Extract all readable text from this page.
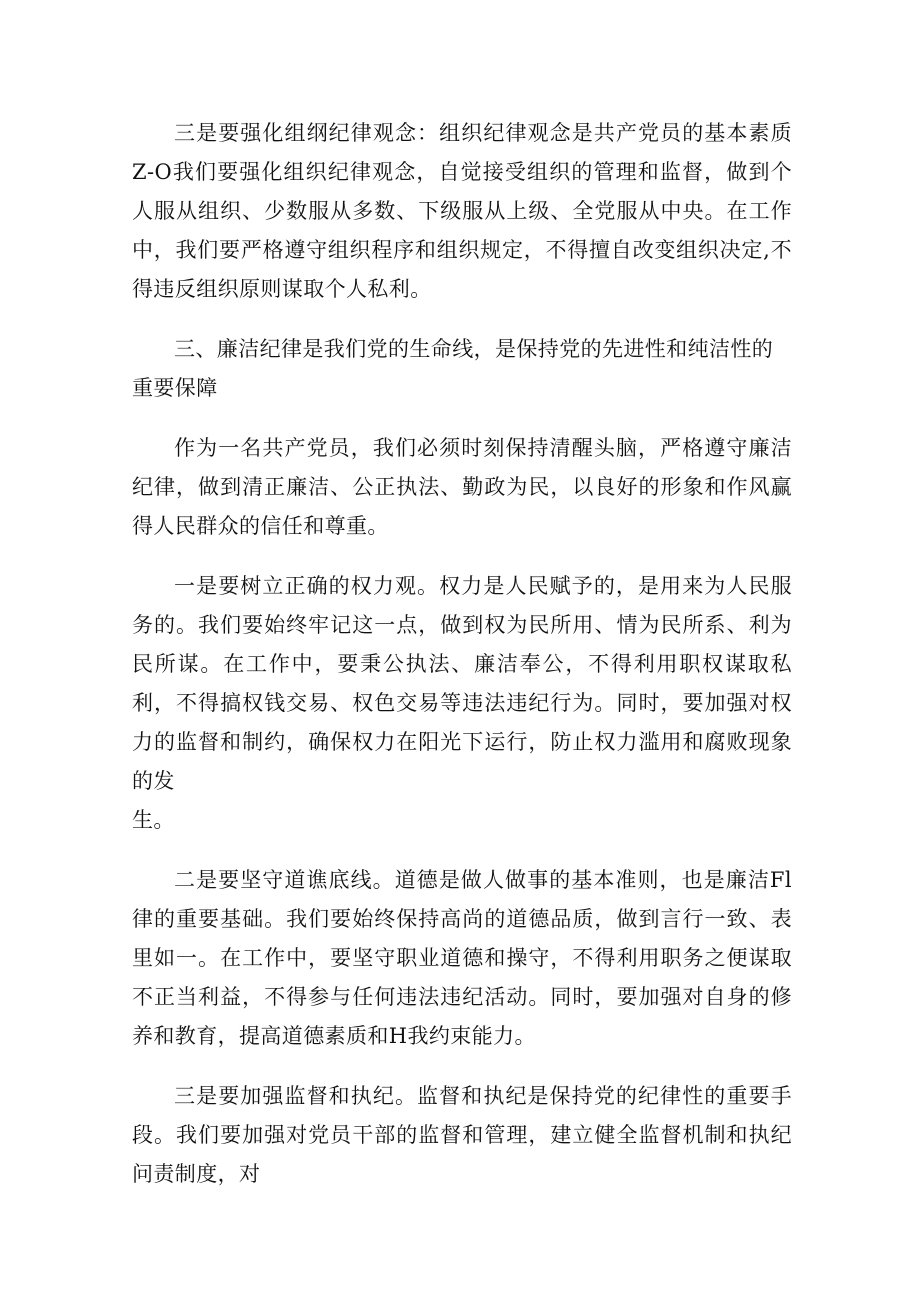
三是要强化组纲纪律观念：组织纪律观念是共产党员的基本素质Z-O我们要强化组织纪律观念，自觉接受组织的管理和监督，做到个人服从组织、少数服从多数、下级服从上级、全党服从中央。在工作中，我们要严格遵守组织程序和组织规定，不得擅自改变组织决定,不得违反组织原则谋取个人私利。

三、廉洁纪律是我们党的生命线，是保持党的先进性和纯洁性的重要保障

作为一名共产党员，我们必须时刻保持清醒头脑，严格遵守廉洁纪律，做到清正廉洁、公正执法、勤政为民，以良好的形象和作风赢得人民群众的信任和尊重。

一是要树立正确的权力观。权力是人民赋予的，是用来为人民服务的。我们要始终牢记这一点，做到权为民所用、情为民所系、利为民所谋。在工作中，要秉公执法、廉洁奉公，不得利用职权谋取私利，不得搞权钱交易、权色交易等违法违纪行为。同时，要加强对权力的监督和制约，确保权力在阳光下运行，防止权力滥用和腐败现象的发
生。

二是要坚守道谯底线。道德是做人做事的基本准则，也是廉洁Fl律的重要基础。我们要始终保持高尚的道德品质，做到言行一致、表里如一。在工作中，要坚守职业道德和操守，不得利用职务之便谋取不正当利益，不得参与任何违法违纪活动。同时，要加强对自身的修养和教育，提高道德素质和H我约束能力。

三是要加强监督和执纪。监督和执纪是保持党的纪律性的重要手段。我们要加强对党员干部的监督和管理，建立健全监督机制和执纪问责制度，对
